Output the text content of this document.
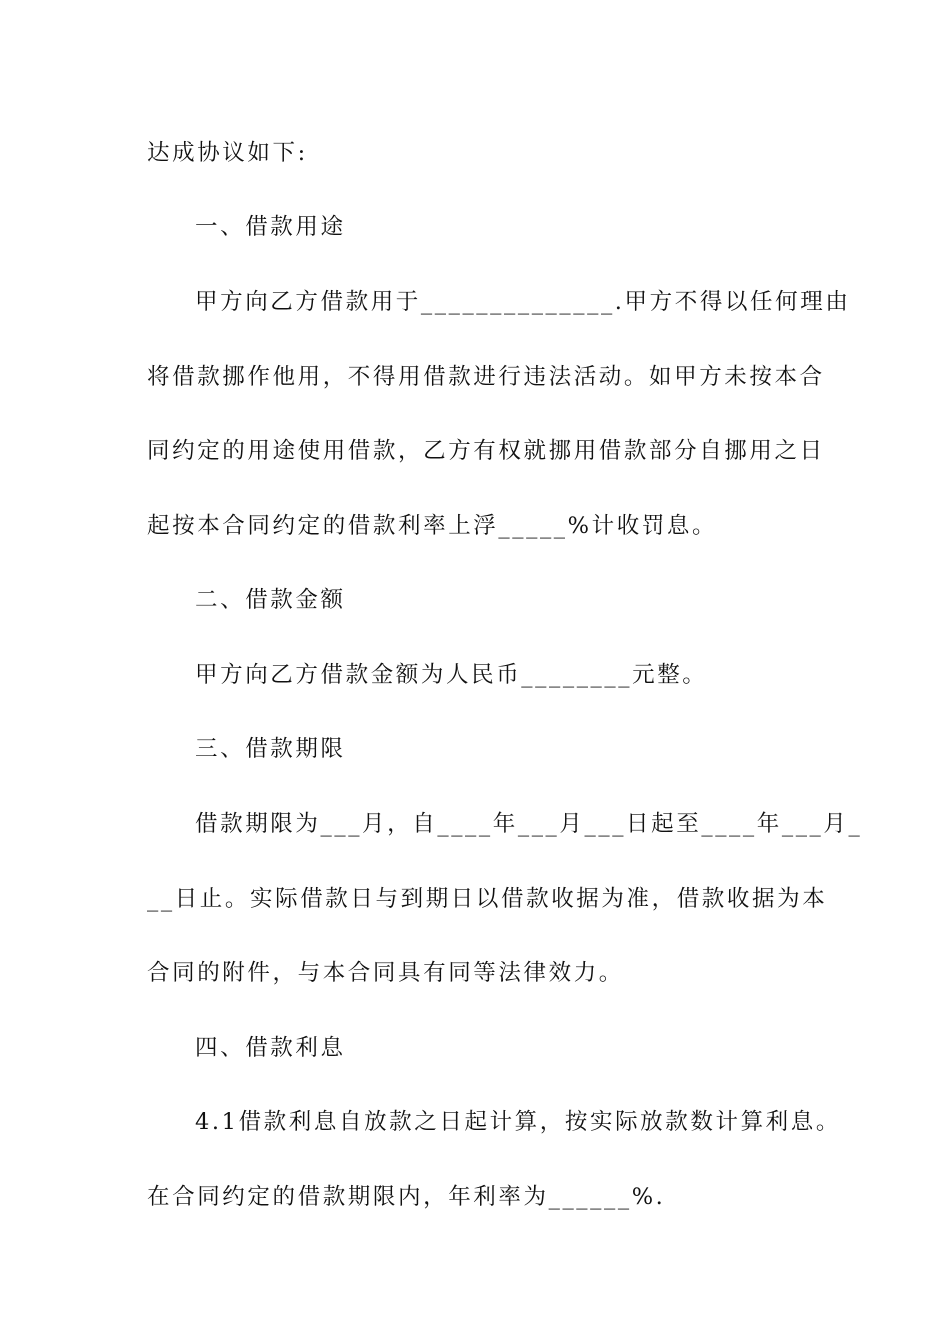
达成协议如下:
一、借款用途
甲方向乙方借款用于______________.甲方不得以任何理由
将借款挪作他用，不得用借款进行违法活动。如甲方未按本合
同约定的用途使用借款，乙方有权就挪用借款部分自挪用之日
起按本合同约定的借款利率上浮_____%计收罚息。
二、借款金额
甲方向乙方借款金额为人民币________元整。
三、借款期限
借款期限为___月，自____年___月___日起至____年___月_
__日止。实际借款日与到期日以借款收据为准，借款收据为本
合同的附件，与本合同具有同等法律效力。
四、借款利息
4.1借款利息自放款之日起计算，按实际放款数计算利息。
在合同约定的借款期限内，年利率为______%.
